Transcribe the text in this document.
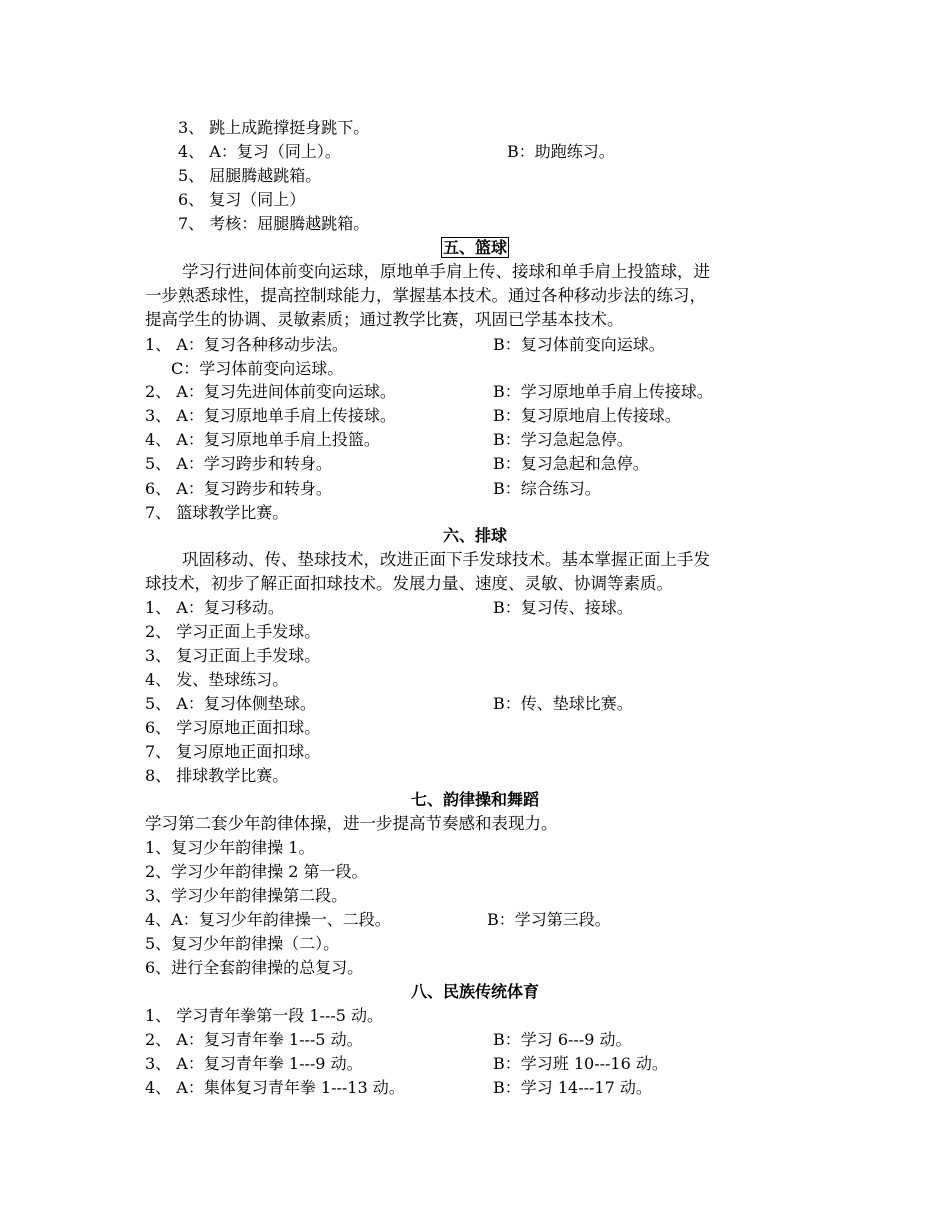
3、 跳上成跪撑挺身跳下。
4、 A：复习（同上）。	B：助跑练习。
5、 屈腿腾越跳箱。
6、 复习（同上）
7、 考核：屈腿腾越跳箱。
五、篮球
学习行进间体前变向运球，原地单手肩上传、接球和单手肩上投篮球，进
一步熟悉球性，提高控制球能力，掌握基本技术。通过各种移动步法的练习，
提高学生的协调、灵敏素质；通过教学比赛，巩固已学基本技术。
1、 A：复习各种移动步法。	B：复习体前变向运球。
C：学习体前变向运球。
2、 A：复习先进间体前变向运球。	B：学习原地单手肩上传接球。
3、 A：复习原地单手肩上传接球。	B：复习原地肩上传接球。
4、 A：复习原地单手肩上投篮。	B：学习急起急停。
5、 A：学习跨步和转身。	B：复习急起和急停。
6、 A：复习跨步和转身。	B：综合练习。
7、 篮球教学比赛。
六、排球
巩固移动、传、垫球技术，改进正面下手发球技术。基本掌握正面上手发
球技术，初步了解正面扣球技术。发展力量、速度、灵敏、协调等素质。
1、 A：复习移动。	B：复习传、接球。
2、 学习正面上手发球。
3、 复习正面上手发球。
4、 发、垫球练习。
5、 A：复习体侧垫球。	B：传、垫球比赛。
6、 学习原地正面扣球。
7、 复习原地正面扣球。
8、 排球教学比赛。
七、韵律操和舞蹈
学习第二套少年韵律体操，进一步提高节奏感和表现力。
1、复习少年韵律操 1。
2、学习少年韵律操 2 第一段。
3、学习少年韵律操第二段。
4、A：复习少年韵律操一、二段。	B：学习第三段。
5、复习少年韵律操（二）。
6、进行全套韵律操的总复习。
八、民族传统体育
1、 学习青年拳第一段 1---5 动。
2、 A：复习青年拳 1---5 动。	B：学习 6---9 动。
3、 A：复习青年拳 1---9 动。	B：学习班 10---16 动。
4、 A：集体复习青年拳 1---13 动。	B：学习 14---17 动。
